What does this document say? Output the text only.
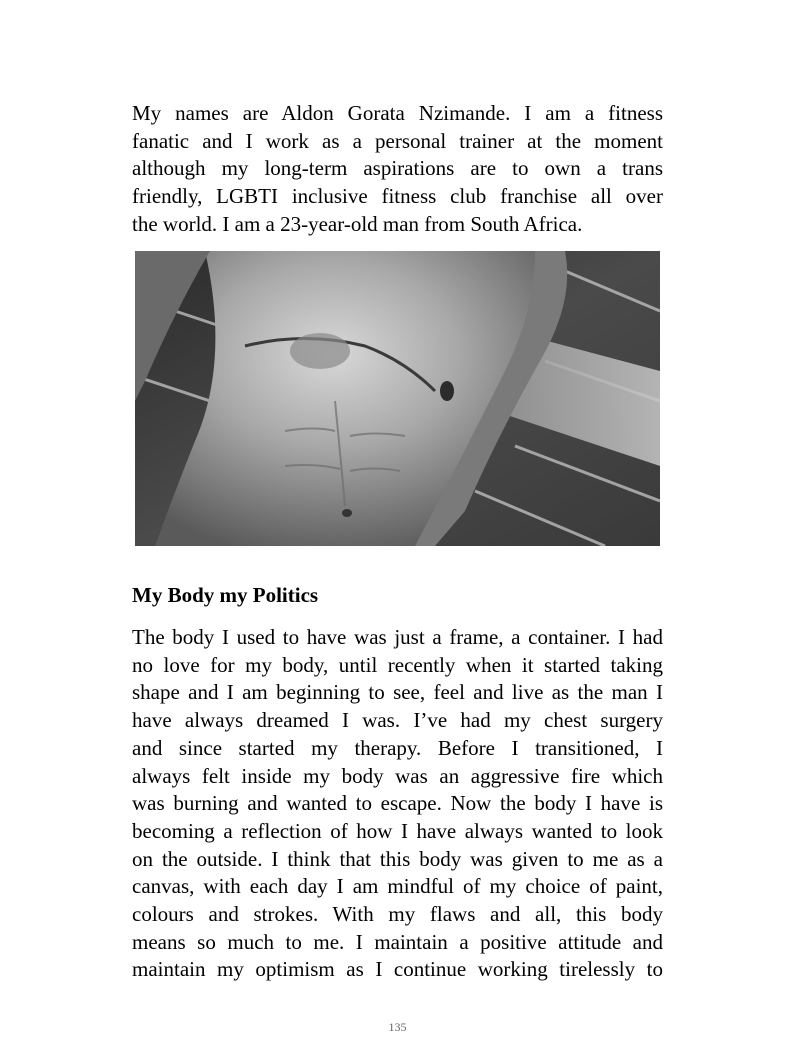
My names are Aldon Gorata Nzimande. I am a fitness
fanatic and I work as a personal trainer at the moment
although my long-term aspirations are to own a trans
friendly, LGBTI inclusive fitness club franchise all over
the world. I am a 23-year-old man from South Africa.

My Body my Politics

The body I used to have was just a frame, a container. I had
no love for my body, until recently when it started taking
shape and I am beginning to see, feel and live as the man I
have always dreamed I was. I’ve had my chest surgery
and since started my therapy. Before I transitioned, I
always felt inside my body was an aggressive fire which
was burning and wanted to escape. Now the body I have is
becoming a reflection of how I have always wanted to look
on the outside. I think that this body was given to me as a
canvas, with each day I am mindful of my choice of paint,
colours and strokes. With my flaws and all, this body
means so much to me. I maintain a positive attitude and
maintain my optimism as I continue working tirelessly to

135
